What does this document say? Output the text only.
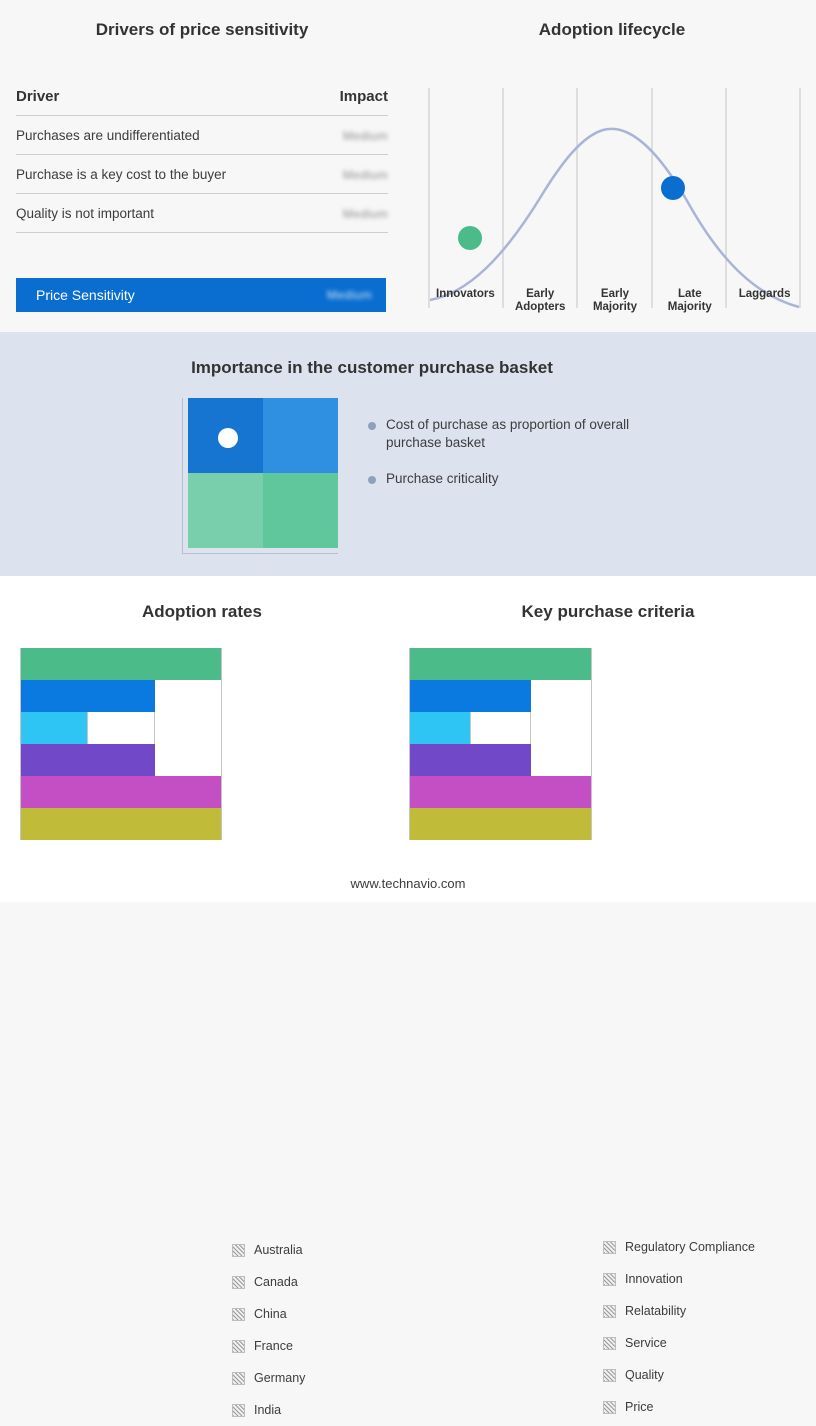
Drivers of price sensitivity
Driver	Impact
Purchases are undifferentiated	Medium
Purchase is a key cost to the buyer	Medium
Quality is not important	Medium
Price Sensitivity	Medium
Adoption lifecycle
Innovators	Early
Adopters
Early
Majority
Late
Majority
Laggards
Importance in the customer purchase basket
Cost of purchase as proportion of overall purchase basket
Purchase criticality
Adoption rates
Australia
Canada
China
France
Germany
India
Key purchase criteria
Regulatory Compliance
Innovation
Relatability
Service
Quality
Price
www.technavio.com
